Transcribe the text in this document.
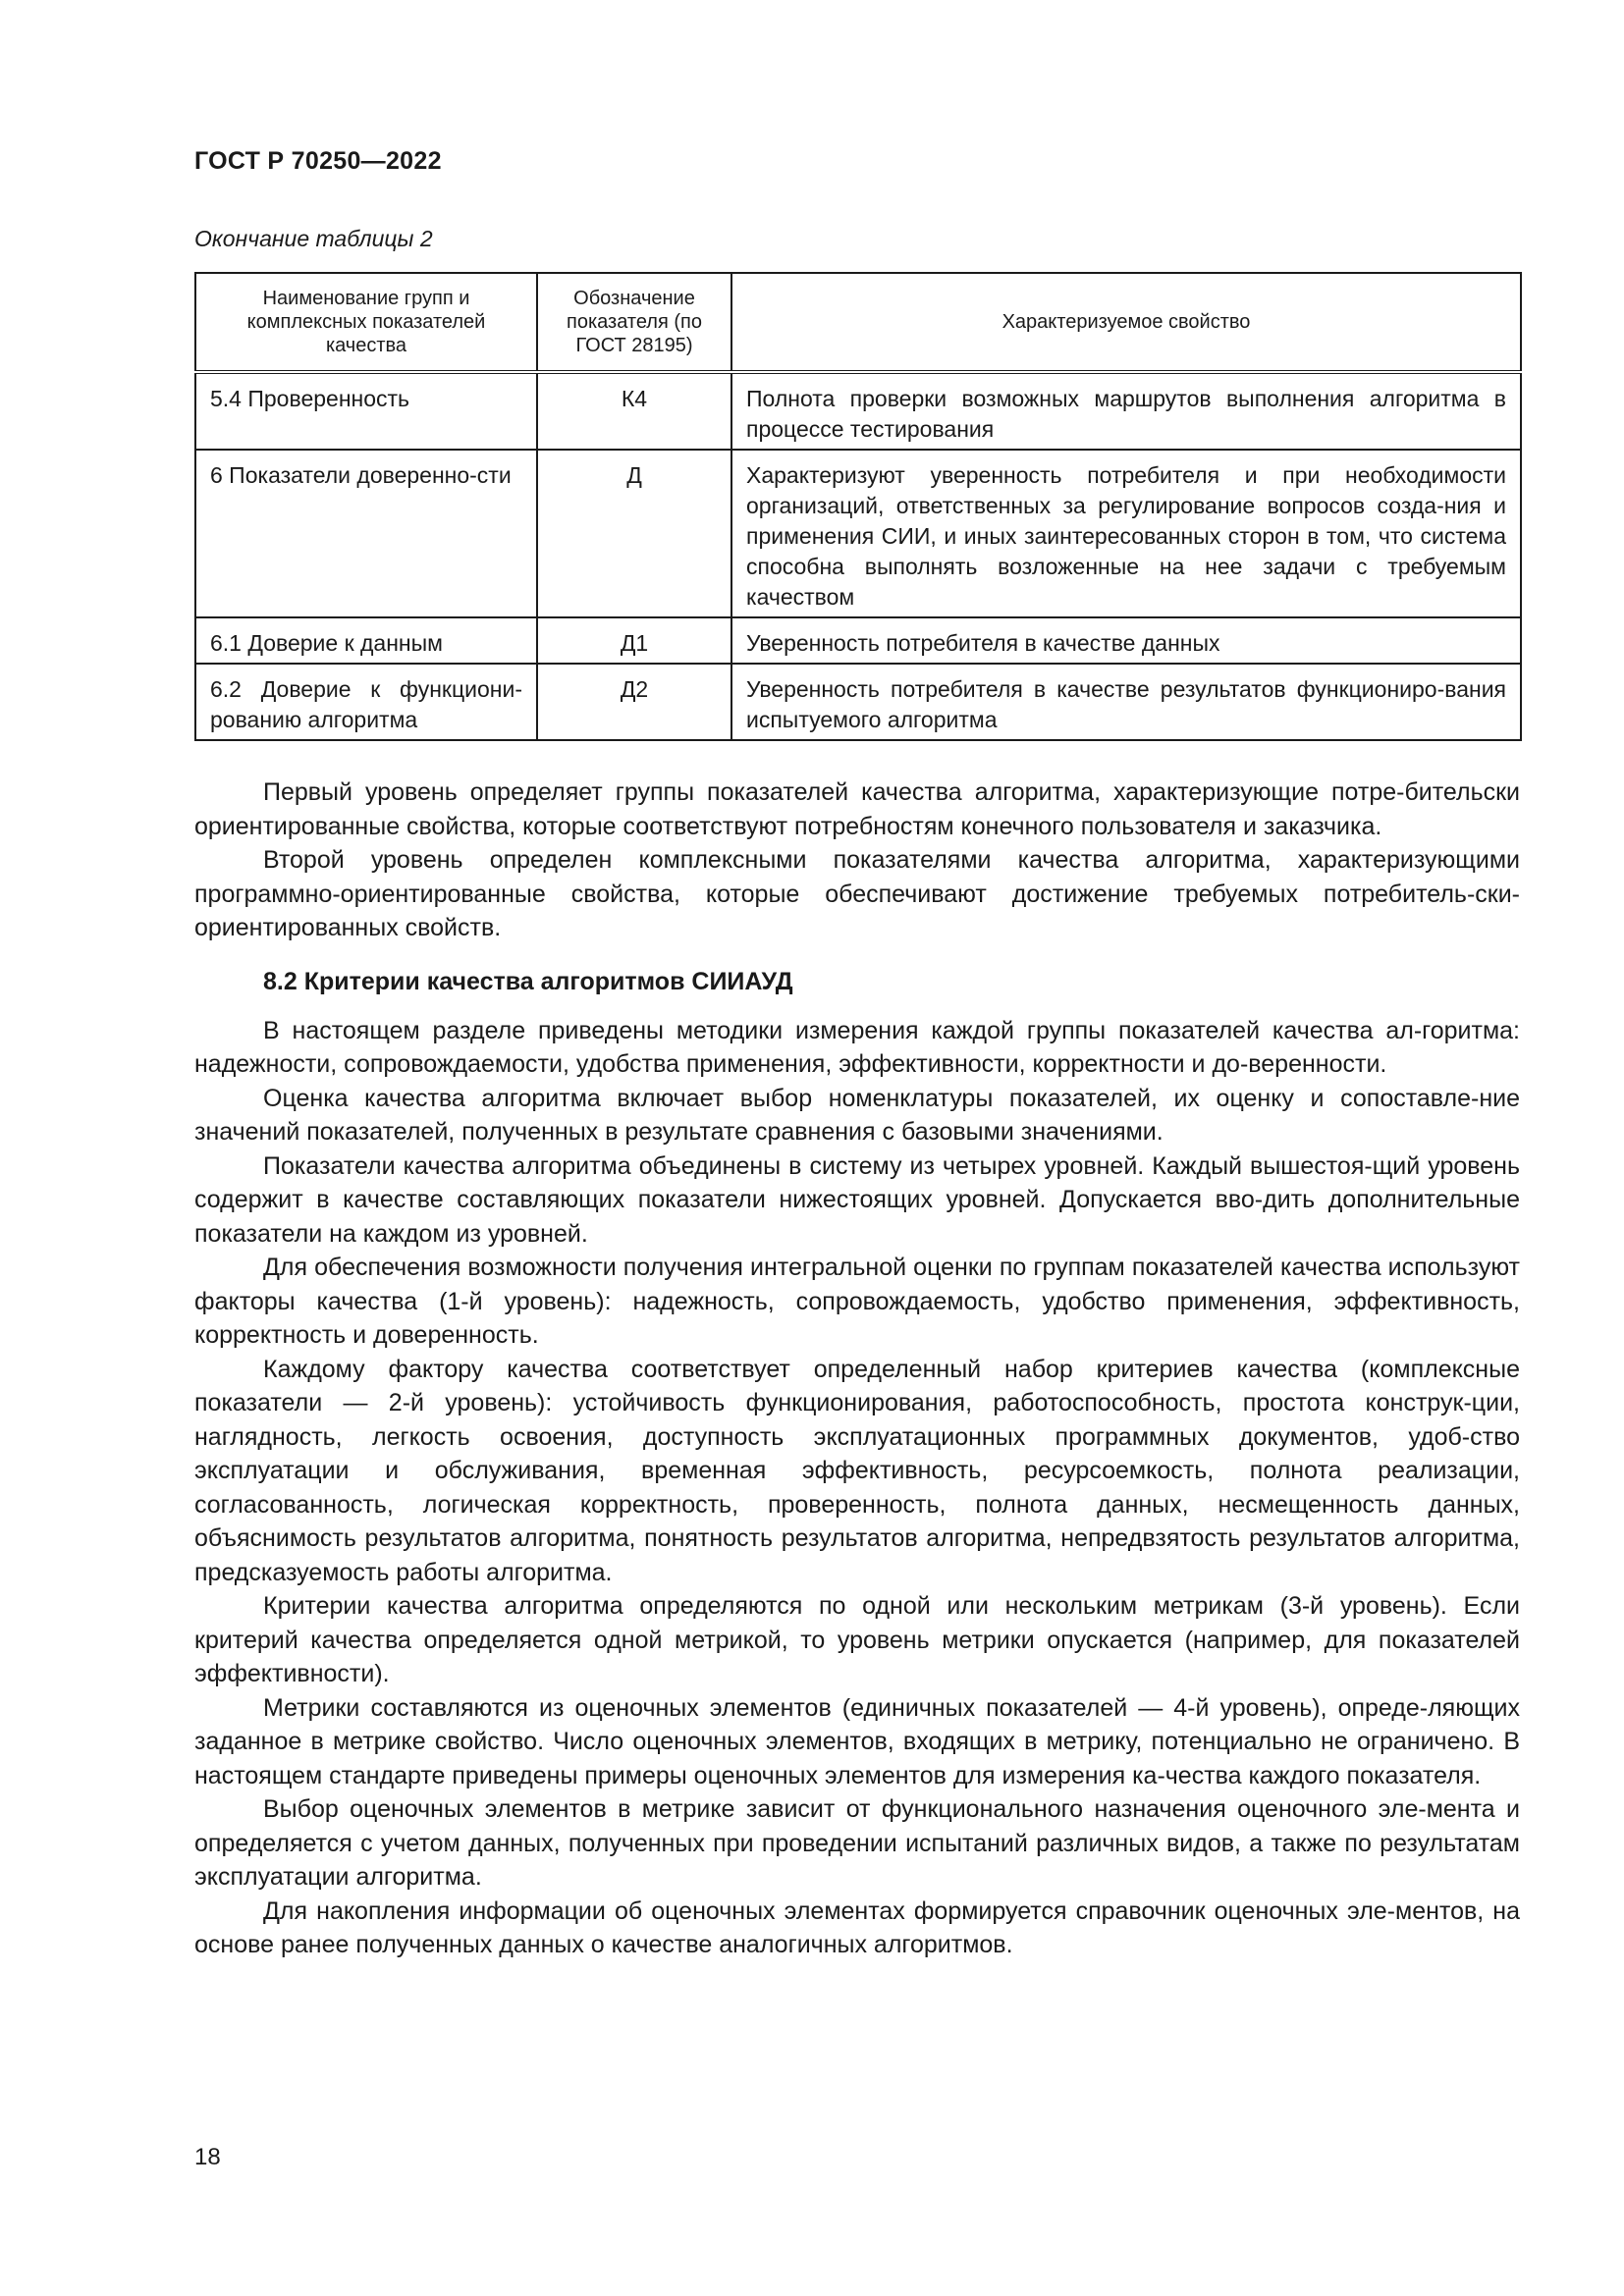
ГОСТ Р 70250—2022
Окончание таблицы 2
Наименование групп и комплексных показателей качества	Обозначение показателя (по ГОСТ 28195)	Характеризуемое свойство
5.4 Проверенность	К4	Полнота проверки возможных маршрутов выполнения алгоритма в процессе тестирования
6 Показатели доверенно-сти	Д	Характеризуют уверенность потребителя и при необходимости организаций, ответственных за регулирование вопросов созда-ния и применения СИИ, и иных заинтересованных сторон в том, что система способна выполнять возложенные на нее задачи с требуемым качеством
6.1 Доверие к данным	Д1	Уверенность потребителя в качестве данных
6.2 Доверие к функциони-рованию алгоритма	Д2	Уверенность потребителя в качестве результатов функциониро-вания испытуемого алгоритма

Первый уровень определяет группы показателей качества алгоритма, характеризующие потре-бительски ориентированные свойства, которые соответствуют потребностям конечного пользователя и заказчика.

Второй уровень определен комплексными показателями качества алгоритма, характеризующими программно-ориентированные свойства, которые обеспечивают достижение требуемых потребитель-ски-ориентированных свойств.

8.2 Критерии качества алгоритмов СИИАУД

В настоящем разделе приведены методики измерения каждой группы показателей качества ал-горитма: надежности, сопровождаемости, удобства применения, эффективности, корректности и до-веренности.

Оценка качества алгоритма включает выбор номенклатуры показателей, их оценку и сопоставле-ние значений показателей, полученных в результате сравнения с базовыми значениями.

Показатели качества алгоритма объединены в систему из четырех уровней. Каждый вышестоя-щий уровень содержит в качестве составляющих показатели нижестоящих уровней. Допускается вво-дить дополнительные показатели на каждом из уровней.

Для обеспечения возможности получения интегральной оценки по группам показателей качества используют факторы качества (1-й уровень): надежность, сопровождаемость, удобство применения, эффективность, корректность и доверенность.

Каждому фактору качества соответствует определенный набор критериев качества (комплексные показатели — 2-й уровень): устойчивость функционирования, работоспособность, простота конструк-ции, наглядность, легкость освоения, доступность эксплуатационных программных документов, удоб-ство эксплуатации и обслуживания, временная эффективность, ресурсоемкость, полнота реализации, согласованность, логическая корректность, проверенность, полнота данных, несмещенность данных, объяснимость результатов алгоритма, понятность результатов алгоритма, непредвзятость результатов алгоритма, предсказуемость работы алгоритма.

Критерии качества алгоритма определяются по одной или нескольким метрикам (3-й уровень). Если критерий качества определяется одной метрикой, то уровень метрики опускается (например, для показателей эффективности).

Метрики составляются из оценочных элементов (единичных показателей — 4-й уровень), опреде-ляющих заданное в метрике свойство. Число оценочных элементов, входящих в метрику, потенциально не ограничено. В настоящем стандарте приведены примеры оценочных элементов для измерения ка-чества каждого показателя.

Выбор оценочных элементов в метрике зависит от функционального назначения оценочного эле-мента и определяется с учетом данных, полученных при проведении испытаний различных видов, а также по результатам эксплуатации алгоритма.

Для накопления информации об оценочных элементах формируется справочник оценочных эле-ментов, на основе ранее полученных данных о качестве аналогичных алгоритмов.

18
